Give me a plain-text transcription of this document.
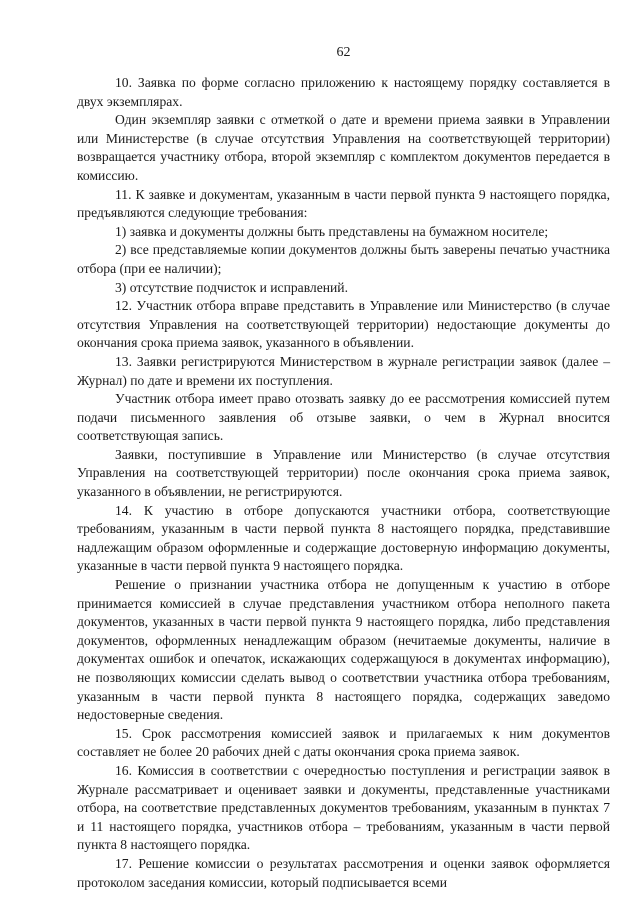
62

10. Заявка по форме согласно приложению к настоящему порядку составляется в двух экземплярах.

Один экземпляр заявки с отметкой о дате и времени приема заявки в Управлении или Министерстве (в случае отсутствия Управления на соответствующей территории) возвращается участнику отбора, второй экземпляр с комплектом документов передается в комиссию.

11. К заявке и документам, указанным в части первой пункта 9 настоящего порядка, предъявляются следующие требования:

1) заявка и документы должны быть представлены на бумажном носителе;

2) все представляемые копии документов должны быть заверены печатью участника отбора (при ее наличии);

3) отсутствие подчисток и исправлений.

12. Участник отбора вправе представить в Управление или Министерство (в случае отсутствия Управления на соответствующей территории) недостающие документы до окончания срока приема заявок, указанного в объявлении.

13. Заявки регистрируются Министерством в журнале регистрации заявок (далее – Журнал) по дате и времени их поступления.

Участник отбора имеет право отозвать заявку до ее рассмотрения комиссией путем подачи письменного заявления об отзыве заявки, о чем в Журнал вносится соответствующая запись.

Заявки, поступившие в Управление или Министерство (в случае отсутствия Управления на соответствующей территории) после окончания срока приема заявок, указанного в объявлении, не регистрируются.

14. К участию в отборе допускаются участники отбора, соответствующие требованиям, указанным в части первой пункта 8 настоящего порядка, представившие надлежащим образом оформленные и содержащие достоверную информацию документы, указанные в части первой пункта 9 настоящего порядка.

Решение о признании участника отбора не допущенным к участию в отборе принимается комиссией в случае представления участником отбора неполного пакета документов, указанных в части первой пункта 9 настоящего порядка, либо представления документов, оформленных ненадлежащим образом (нечитаемые документы, наличие в документах ошибок и опечаток, искажающих содержащуюся в документах информацию), не позволяющих комиссии сделать вывод о соответствии участника отбора требованиям, указанным в части первой пункта 8 настоящего порядка, содержащих заведомо недостоверные сведения.

15. Срок рассмотрения комиссией заявок и прилагаемых к ним документов составляет не более 20 рабочих дней с даты окончания срока приема заявок.

16. Комиссия в соответствии с очередностью поступления и регистрации заявок в Журнале рассматривает и оценивает заявки и документы, представленные участниками отбора, на соответствие представленных документов требованиям, указанным в пунктах 7 и 11 настоящего порядка, участников отбора – требованиям, указанным в части первой пункта 8 настоящего порядка.

17. Решение комиссии о результатах рассмотрения и оценки заявок оформляется протоколом заседания комиссии, который подписывается всеми
